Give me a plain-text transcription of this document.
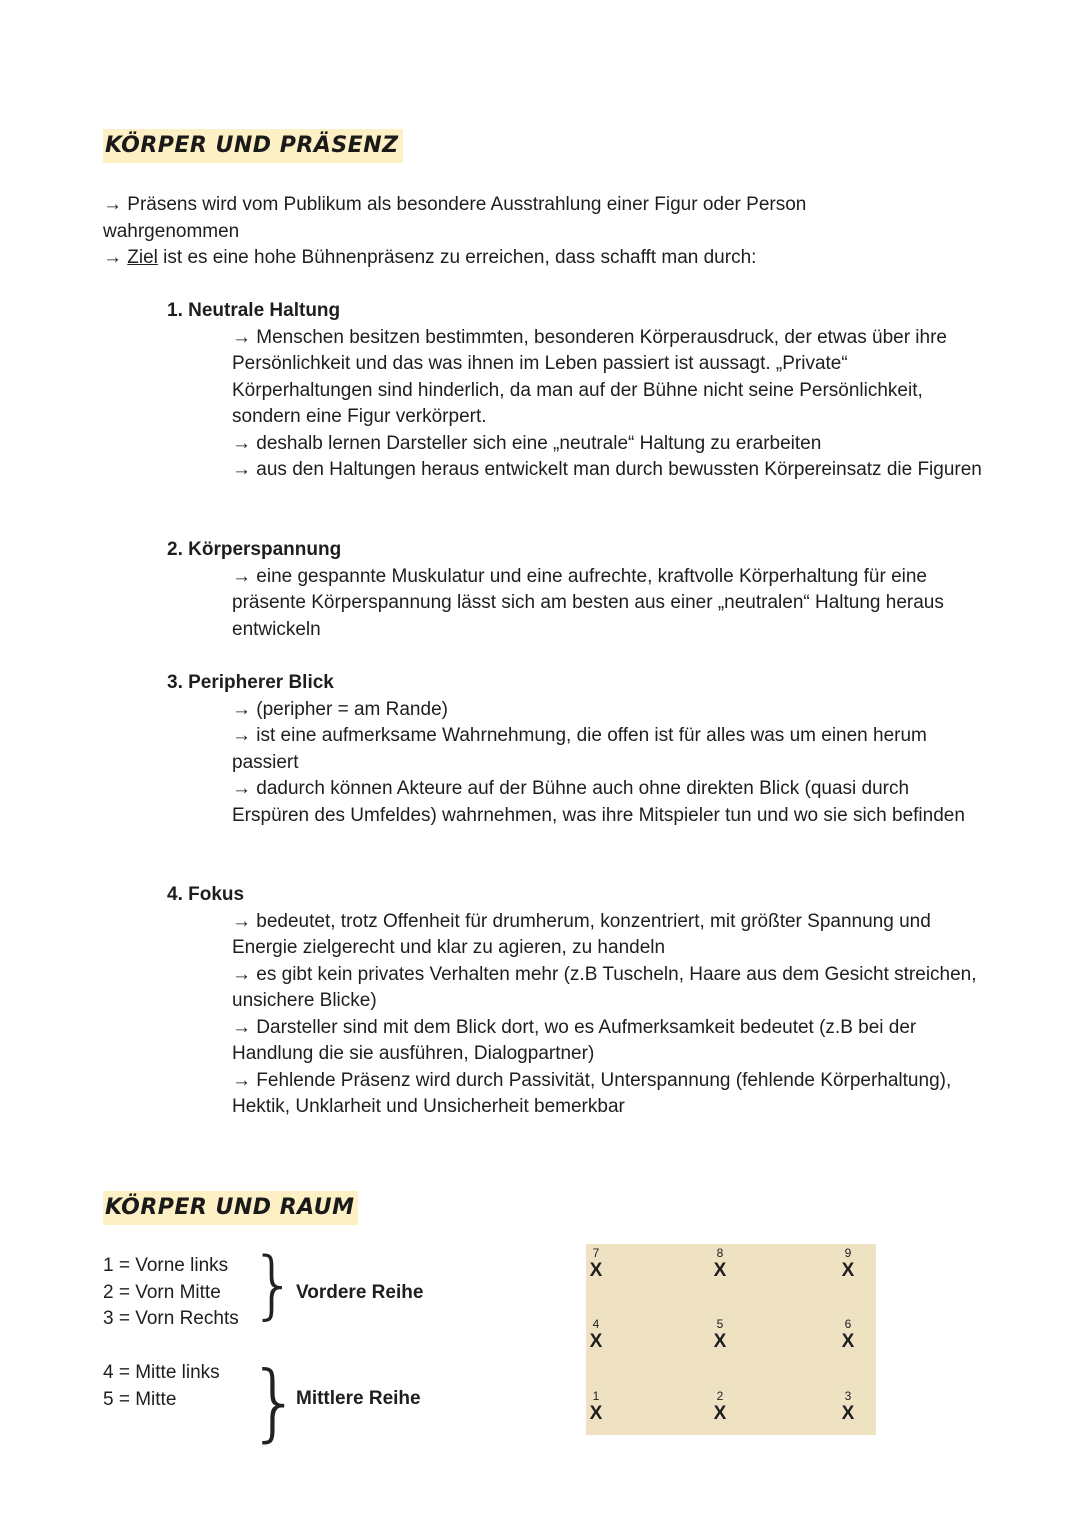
KÖRPER UND PRÄSENZ

→ Präsens wird vom Publikum als besondere Ausstrahlung einer Figur oder Person wahrgenommen

→ Ziel ist es eine hohe Bühnenpräsenz zu erreichen, dass schafft man durch:

1. Neutrale Haltung

→ Menschen besitzen bestimmten, besonderen Körperausdruck, der etwas über ihre Persönlichkeit und das was ihnen im Leben passiert ist aussagt. „Private“ Körperhaltungen sind hinderlich, da man auf der Bühne nicht seine Persönlichkeit, sondern eine Figur verkörpert.

→ deshalb lernen Darsteller sich eine „neutrale“ Haltung zu erarbeiten

→ aus den Haltungen heraus entwickelt man durch bewussten Körpereinsatz die Figuren

2. Körperspannung

→ eine gespannte Muskulatur und eine aufrechte, kraftvolle Körperhaltung für eine präsente Körperspannung lässt sich am besten aus einer „neutralen“ Haltung heraus entwickeln

3. Peripherer Blick

→ (peripher = am Rande)

→ ist eine aufmerksame Wahrnehmung, die offen ist für alles was um einen herum passiert

→ dadurch können Akteure auf der Bühne auch ohne direkten Blick (quasi durch Erspüren des Umfeldes) wahrnehmen, was ihre Mitspieler tun und wo sie sich befinden

4. Fokus

→ bedeutet, trotz Offenheit für drumherum, konzentriert, mit größter Spannung und Energie zielgerecht und klar zu agieren, zu handeln

→ es gibt kein privates Verhalten mehr (z.B Tuscheln, Haare aus dem Gesicht streichen, unsichere Blicke)

→ Darsteller sind mit dem Blick dort, wo es Aufmerksamkeit bedeutet (z.B bei der Handlung die sie ausführen, Dialogpartner)

→ Fehlende Präsenz wird durch Passivität, Unterspannung (fehlende Körperhaltung), Hektik, Unklarheit und Unsicherheit bemerkbar

KÖRPER UND RAUM

1 = Vorne links

2 = Vorn Mitte

3 = Vorn Rechts }
Vordere Reihe

4 = Mitte links

5 = Mitte }
Mittlere Reihe
7
X
8
X
9
X
4
X
5
X
6
X
1
X
2
X
3
X
